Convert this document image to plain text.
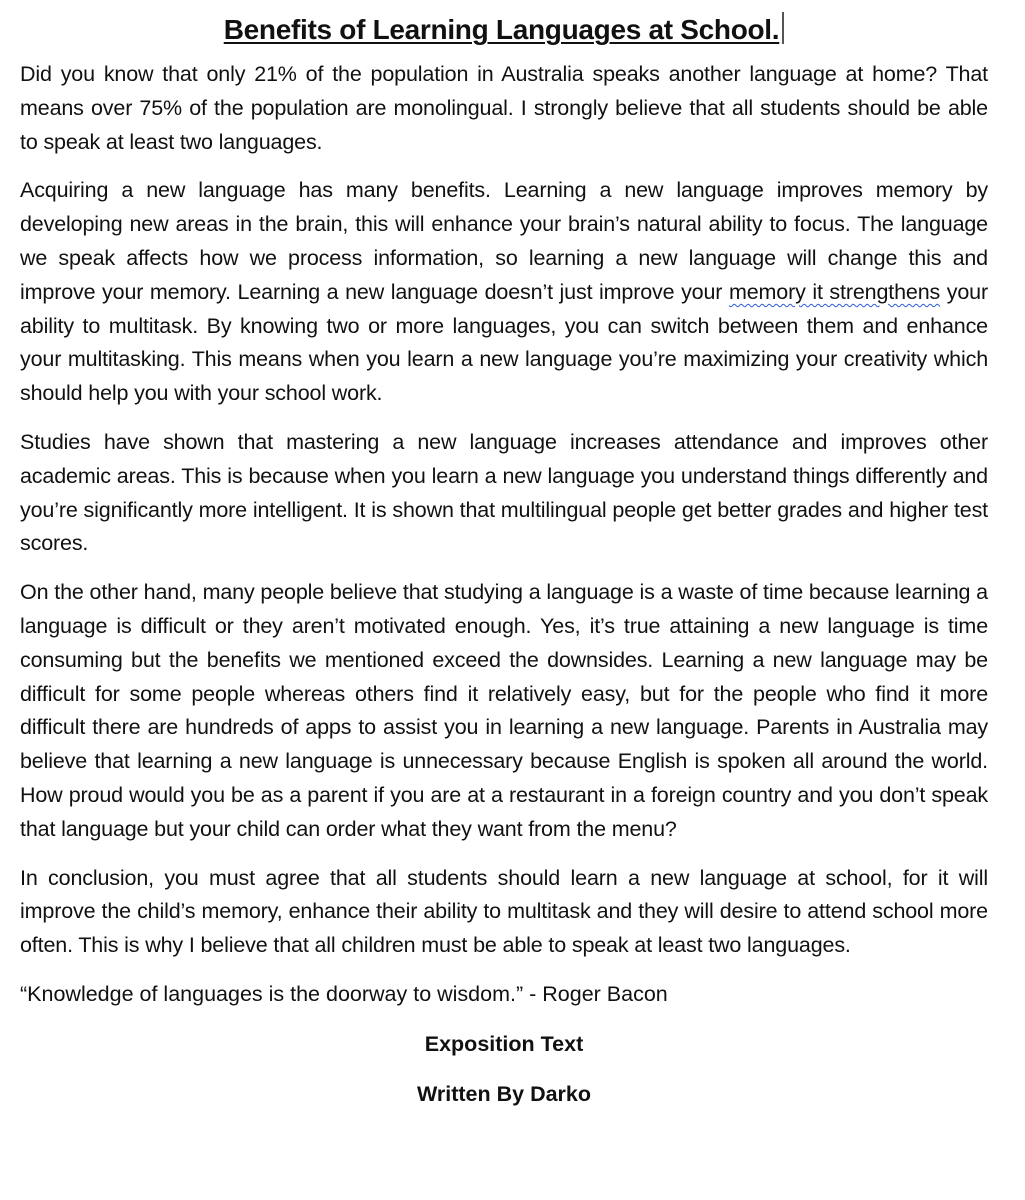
Benefits of Learning Languages at School.

Did you know that only 21% of the population in Australia speaks another language at home? That means over 75% of the population are monolingual. I strongly believe that all students should be able to speak at least two languages.

Acquiring a new language has many benefits. Learning a new language improves memory by developing new areas in the brain, this will enhance your brain’s natural ability to focus. The language we speak affects how we process information, so learning a new language will change this and improve your memory. Learning a new language doesn’t just improve your memory it strengthens your ability to multitask. By knowing two or more languages, you can switch between them and enhance your multitasking. This means when you learn a new language you’re maximizing your creativity which should help you with your school work.

Studies have shown that mastering a new language increases attendance and improves other academic areas. This is because when you learn a new language you understand things differently and you’re significantly more intelligent. It is shown that multilingual people get better grades and higher test scores.

On the other hand, many people believe that studying a language is a waste of time because learning a language is difficult or they aren’t motivated enough. Yes, it’s true attaining a new language is time consuming but the benefits we mentioned exceed the downsides. Learning a new language may be difficult for some people whereas others find it relatively easy, but for the people who find it more difficult there are hundreds of apps to assist you in learning a new language. Parents in Australia may believe that learning a new language is unnecessary because English is spoken all around the world. How proud would you be as a parent if you are at a restaurant in a foreign country and you don’t speak that language but your child can order what they want from the menu?

In conclusion, you must agree that all students should learn a new language at school, for it will improve the child’s memory, enhance their ability to multitask and they will desire to attend school more often. This is why I believe that all children must be able to speak at least two languages.

“Knowledge of languages is the doorway to wisdom.” - Roger Bacon

Exposition Text

Written By Darko
